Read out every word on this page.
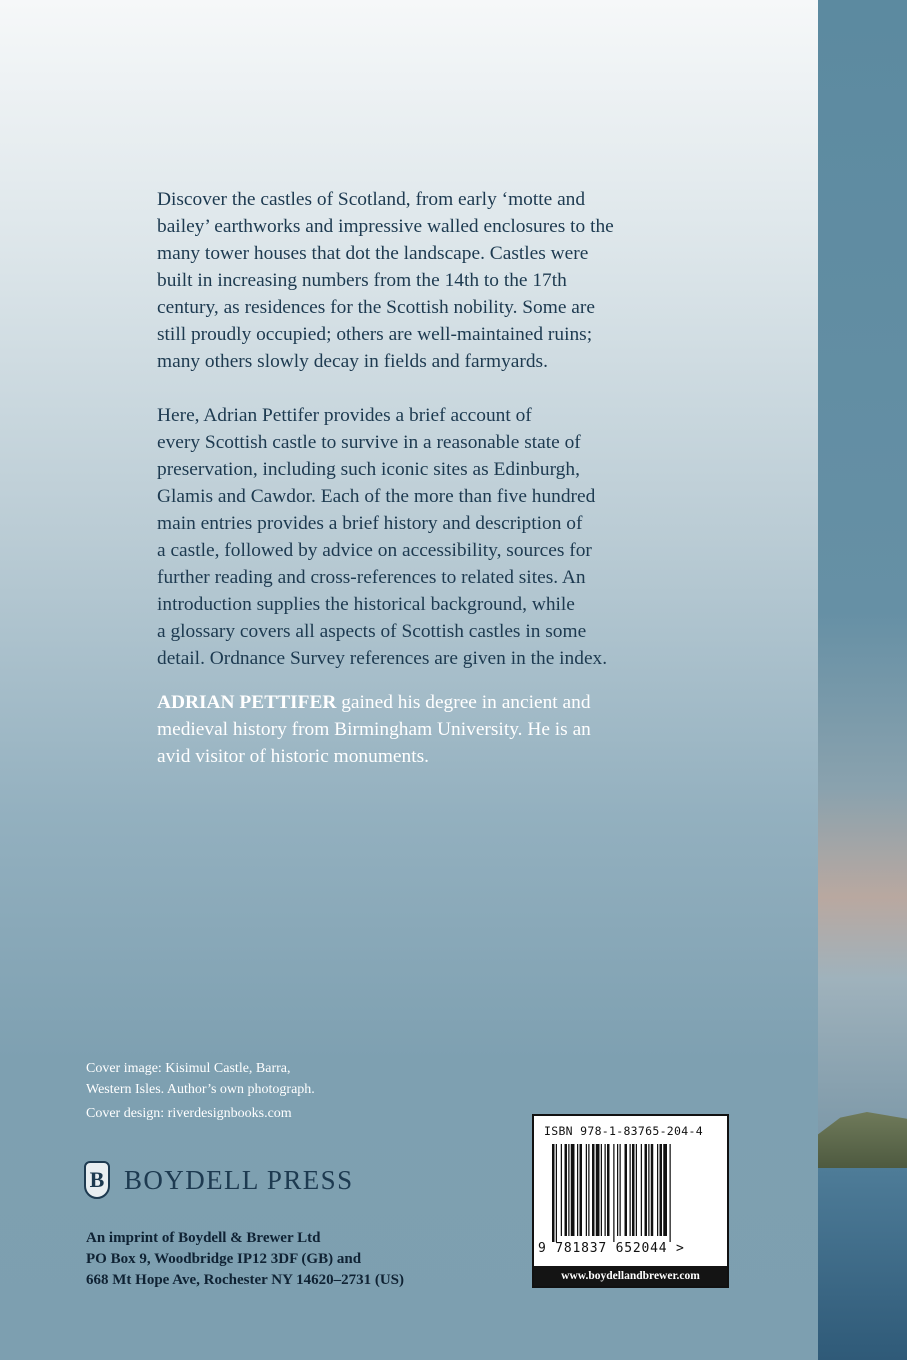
Discover the castles of Scotland, from early ‘motte and
bailey’ earthworks and impressive walled enclosures to the
many tower houses that dot the landscape. Castles were
built in increasing numbers from the 14th to the 17th
century, as residences for the Scottish nobility. Some are
still proudly occupied; others are well-maintained ruins;
many others slowly decay in fields and farmyards.

Here, Adrian Pettifer provides a brief account of
every Scottish castle to survive in a reasonable state of
preservation, including such iconic sites as Edinburgh,
Glamis and Cawdor. Each of the more than five hundred
main entries provides a brief history and description of
a castle, followed by advice on accessibility, sources for
further reading and cross-references to related sites. An
introduction supplies the historical background, while
a glossary covers all aspects of Scottish castles in some
detail. Ordnance Survey references are given in the index.

ADRIAN PETTIFER gained his degree in ancient and
medieval history from Birmingham University. He is an
avid visitor of historic monuments.

Cover image: Kisimul Castle, Barra,
Western Isles. Author’s own photograph.

Cover design: riverdesignbooks.com

B BOYDELL PRESS

An imprint of Boydell & Brewer Ltd
PO Box 9, Woodbridge IP12 3DF (GB) and
668 Mt Hope Ave, Rochester NY 14620–2731 (US)

ISBN 978-1-83765-204-4
9 781837 652044 >
www.boydellandbrewer.com
